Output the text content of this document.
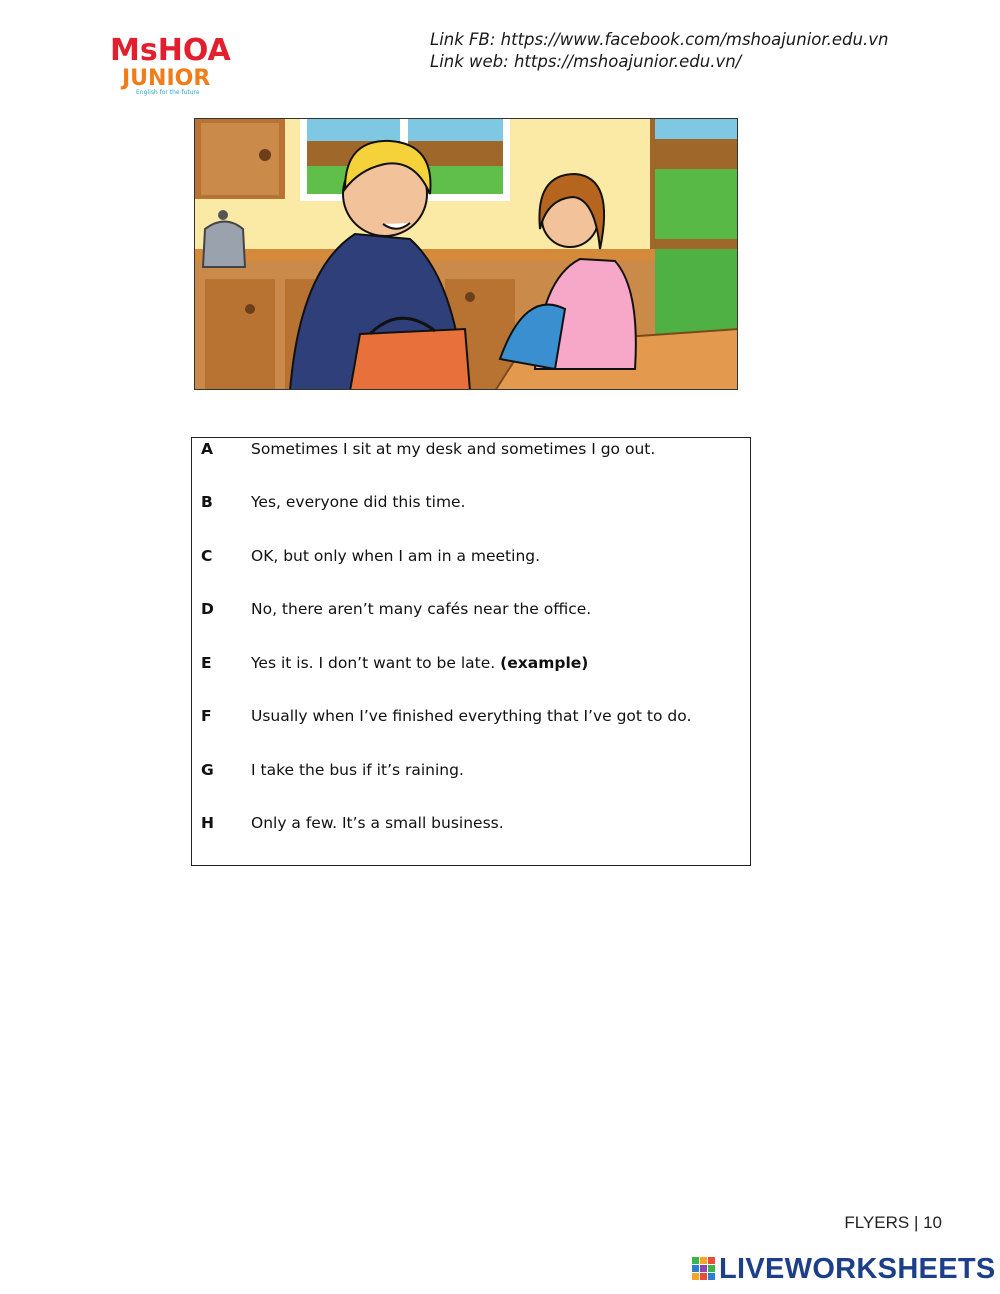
MsHOA
JUNIOR
English for the future
Link FB: https://www.facebook.com/mshoajunior.edu.vn
Link web: https://mshoajunior.edu.vn/
A Sometimes I sit at my desk and sometimes I go out.
B Yes, everyone did this time.
C OK, but only when I am in a meeting.
D No, there aren’t many cafés near the office.
E	Yes it is. I don’t want to be late. (example)
F	Usually when I’ve finished everything that I’ve got to do.
G I take the bus if it’s raining.
H Only a few. It’s a small business.
FLYERS | 10
LIVEWORKSHEETS
